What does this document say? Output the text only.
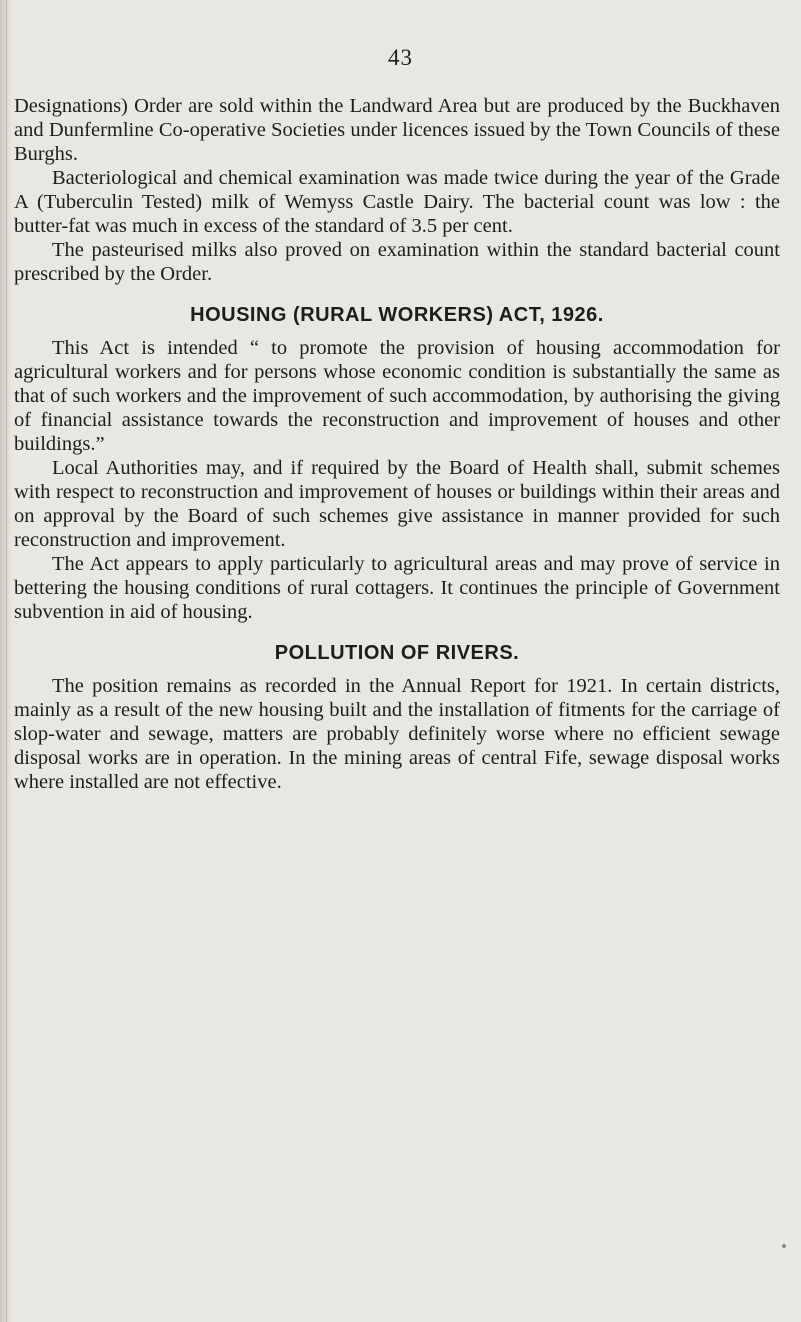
43

Designations) Order are sold within the Landward Area but are produced by the Buckhaven and Dunfermline Co-operative Societies under licences issued by the Town Councils of these Burghs.

Bacteriological and chemical examination was made twice during the year of the Grade A (Tuberculin Tested) milk of Wemyss Castle Dairy. The bacterial count was low : the butter-fat was much in excess of the standard of 3.5 per cent.

The pasteurised milks also proved on examination within the standard bacterial count prescribed by the Order.

HOUSING (RURAL WORKERS) ACT, 1926.

This Act is intended “ to promote the provision of housing accommodation for agricultural workers and for persons whose economic condition is substantially the same as that of such workers and the improvement of such accommodation, by authorising the giving of financial assistance towards the reconstruction and improvement of houses and other buildings.”

Local Authorities may, and if required by the Board of Health shall, submit schemes with respect to reconstruction and improvement of houses or buildings within their areas and on approval by the Board of such schemes give assistance in manner provided for such reconstruction and improvement.

The Act appears to apply particularly to agricultural areas and may prove of service in bettering the housing conditions of rural cottagers. It continues the principle of Government subvention in aid of housing.

POLLUTION OF RIVERS.

The position remains as recorded in the Annual Report for 1921. In certain districts, mainly as a result of the new housing built and the installation of fitments for the carriage of slop-water and sewage, matters are probably definitely worse where no efficient sewage disposal works are in operation. In the mining areas of central Fife, sewage disposal works where installed are not effective.
